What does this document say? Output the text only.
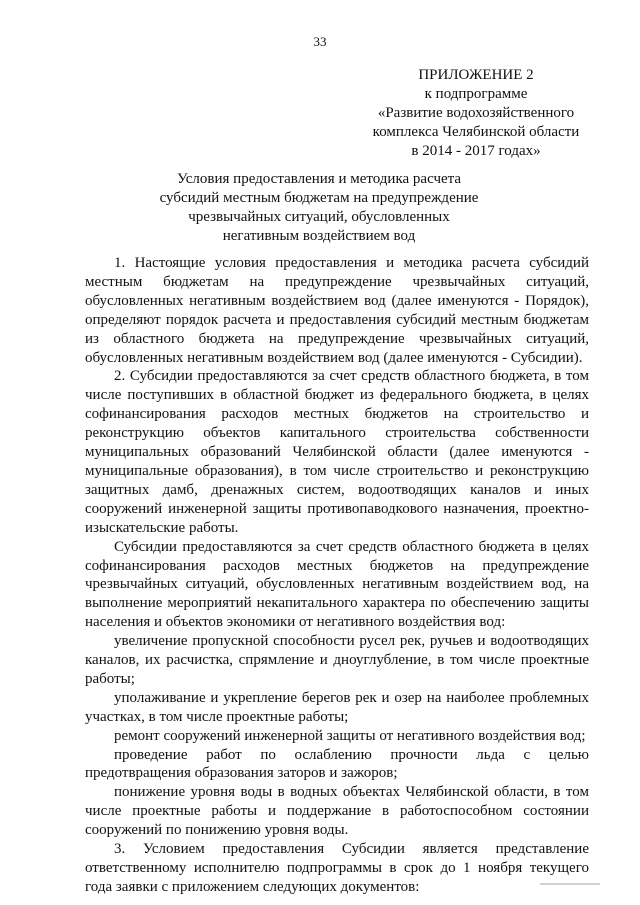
33
ПРИЛОЖЕНИЕ 2
к подпрограмме
«Развитие водохозяйственного
комплекса Челябинской области
в 2014 - 2017 годах»
Условия предоставления и методика расчета
субсидий местным бюджетам на предупреждение
чрезвычайных ситуаций, обусловленных
негативным воздействием вод

1. Настоящие условия предоставления и методика расчета субсидий местным бюджетам на предупреждение чрезвычайных ситуаций, обусловленных негативным воздействием вод (далее именуются - Порядок), определяют порядок расчета и предоставления субсидий местным бюджетам из областного бюджета на предупреждение чрезвычайных ситуаций, обусловленных негативным воздействием вод (далее именуются - Субсидии).

2. Субсидии предоставляются за счет средств областного бюджета, в том числе поступивших в областной бюджет из федерального бюджета, в целях софинансирования расходов местных бюджетов на строительство и реконструкцию объектов капитального строительства собственности муниципальных образований Челябинской области (далее именуются - муниципальные образования), в том числе строительство и реконструкцию защитных дамб, дренажных систем, водоотводящих каналов и иных сооружений инженерной защиты противопаводкового назначения, проектно-изыскательские работы.

Субсидии предоставляются за счет средств областного бюджета в целях софинансирования расходов местных бюджетов на предупреждение чрезвычайных ситуаций, обусловленных негативным воздействием вод, на выполнение мероприятий некапитального характера по обеспечению защиты населения и объектов экономики от негативного воздействия вод:

увеличение пропускной способности русел рек, ручьев и водоотводящих каналов, их расчистка, спрямление и дноуглубление, в том числе проектные работы;

уполаживание и укрепление берегов рек и озер на наиболее проблемных участках, в том числе проектные работы;

ремонт сооружений инженерной защиты от негативного воздействия вод;

проведение работ по ослаблению прочности льда с целью предотвращения образования заторов и зажоров;

понижение уровня воды в водных объектах Челябинской области, в том числе проектные работы и поддержание в работоспособном состоянии сооружений по понижению уровня воды.

3. Условием предоставления Субсидии является представление ответственному исполнителю подпрограммы в срок до 1 ноября текущего года заявки с приложением следующих документов:
